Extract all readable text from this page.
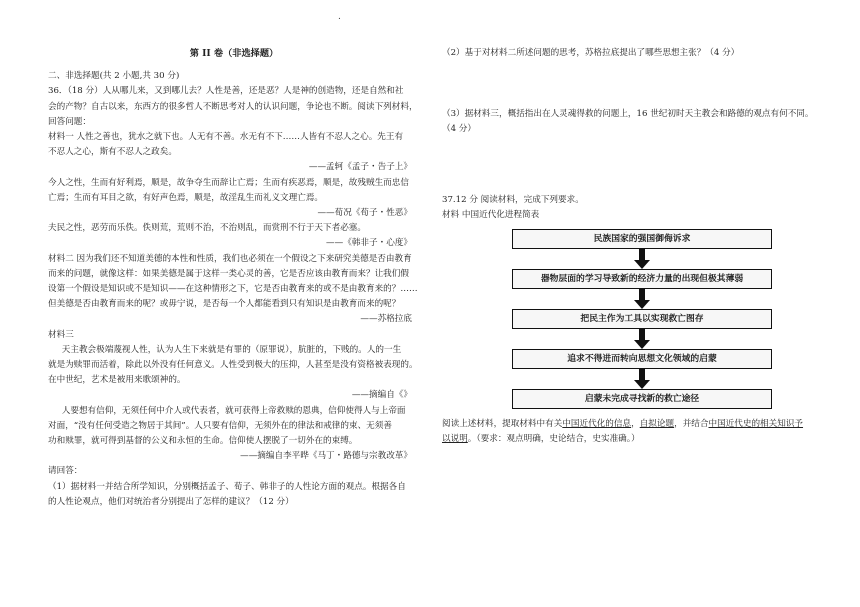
.
第 II 卷（非选择题）
二、非选择题(共 2 小题,共 30 分)
36．（18 分）人从哪儿来，又到哪儿去？人性是善，还是恶？人是神的创造物，还是自然和社
会的产物？自古以来，东西方的很多哲人不断思考对人的认识问题，争论也不断。阅读下列材料，
回答问题：
材料一 人性之善也，犹水之就下也。人无有不善。水无有不下……人皆有不忍人之心。先王有
不忍人之心，斯有不忍人之政矣。
——孟轲《孟子・告子上》
今人之性，生而有好利焉，顺是，故争夺生而辞让亡焉；生而有疾恶焉，顺是，故残贼生而忠信
亡焉；生而有耳目之欲，有好声色焉，顺是，故淫乱生而礼义文理亡焉。
——荀况《荀子・性恶》
夫民之性，恶劳而乐佚。佚则荒，荒则不治，不治则乱，而赏刑不行于天下者必塞。
——《韩非子・心度》
材料二 因为我们还不知道美德的本性和性质，我们也必须在一个假设之下来研究美德是否由教育
而来的问题，就像这样：如果美德是属于这样一类心灵的善，它是否应该由教育而来？让我们假
设第一个假设是知识或不是知识——在这种情形之下，它是否由教育来的或不是由教育来的？……
但美德是否由教育而来的呢？或毋宁说，是否每一个人都能看到只有知识是由教育而来的呢？
——苏格拉底
材料三
天主教会极端蔑视人性，认为人生下来就是有罪的（原罪说），肮脏的，下贱的。人的一生
就是为赎罪而活着，除此以外没有任何意义。人性受到极大的压抑，人甚至是没有资格被表现的。
在中世纪，艺术是被用来歌颂神的。
——摘编自《》
人要想有信仰，无须任何中介人或代表者，就可获得上帝救赎的恩典，信仰使得人与上帝面
对面，“没有任何受造之物居于其间”。人只要有信仰，无须外在的律法和戒律的束、无须善
功和赎罪，就可得到基督的公义和永恒的生命。信仰使人摆脱了一切外在的束缚。
——摘编自李平晔《马丁・路德与宗教改革》
请回答：
（1）据材料一并结合所学知识，分别概括孟子、荀子、韩非子的人性论方面的观点。根据各自
的人性论观点，他们对统治者分别提出了怎样的建议？（12 分）
（2）基于对材料二所述问题的思考，苏格拉底提出了哪些思想主张？（4 分）
（3）据材料三，概括指出在人灵魂得救的问题上，16 世纪初时天主教会和路德的观点有何不同。
（4 分）
37.12 分 阅读材料，完成下列要求。
材料 中国近代化进程简表
民族国家的强国御侮诉求
器物层面的学习导致新的经济力量的出现但极其薄弱
把民主作为工具以实现救亡图存
追求不得进而转向思想文化领域的启蒙
启蒙未完成寻找新的救亡途径
阅读上述材料，提取材料中有关中国近代化的信息，自拟论题，并结合中国近代史的相关知识予
以说明。（要求：观点明确，史论结合，史实准确。）
